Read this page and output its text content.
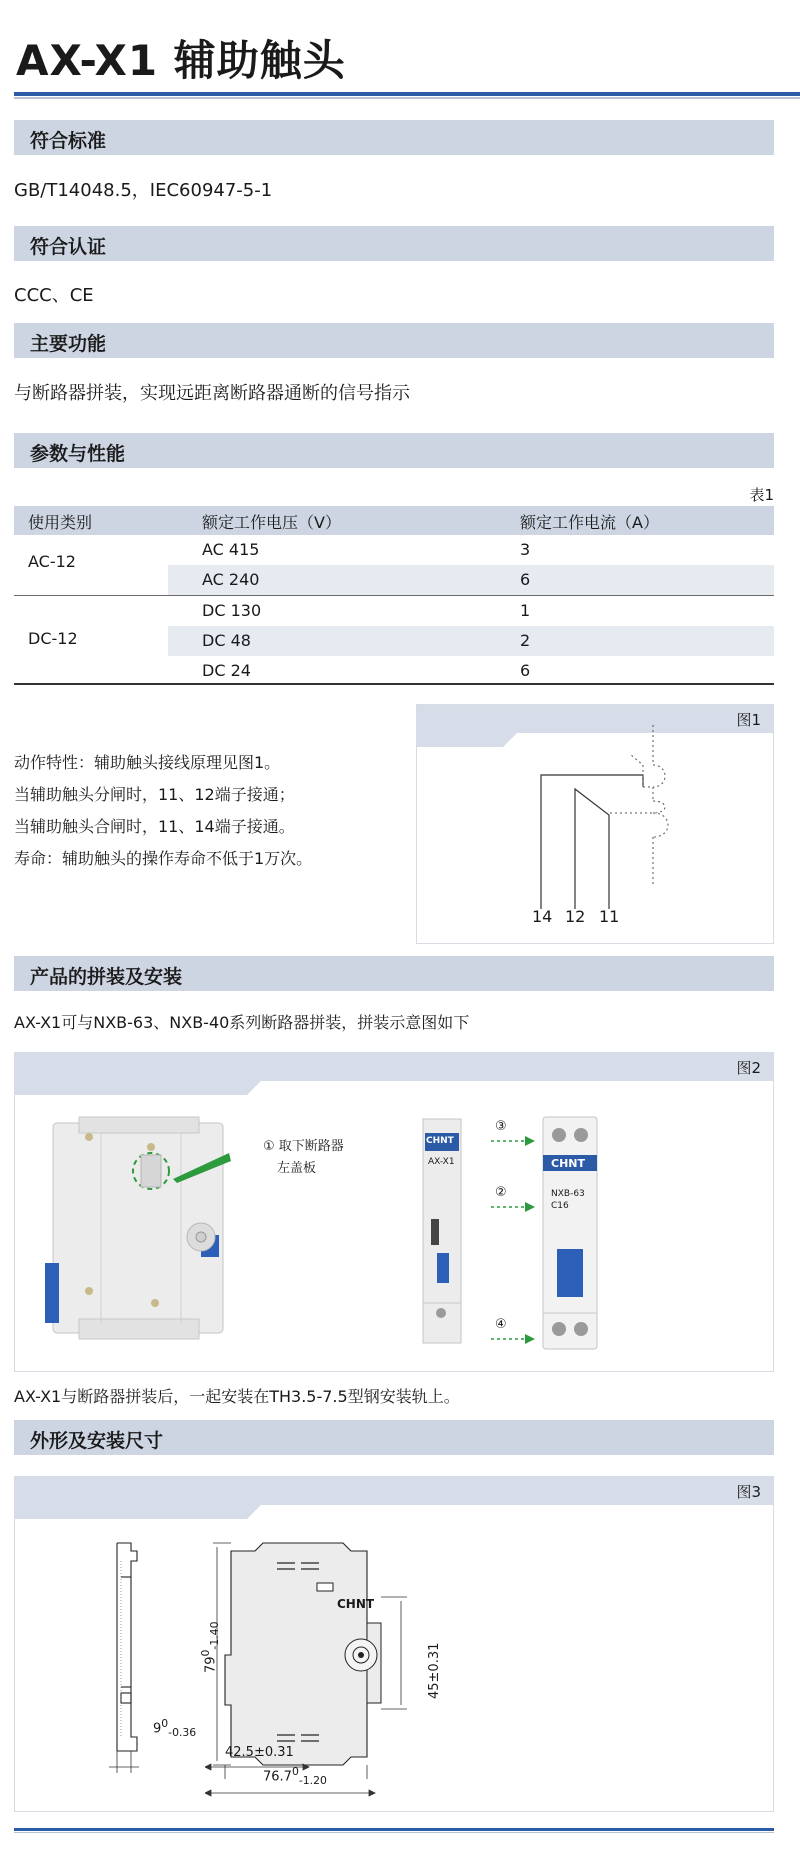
AX-X1 辅助触头
符合标准
GB/T14048.5，IEC60947-5-1
符合认证
CCC、CE
主要功能
与断路器拼装，实现远距离断路器通断的信号指示
参数与性能
表1
使用类别	额定工作电压（V）	额定工作电流（A）
AC-12
AC 415	3
AC 240	6
DC-12
DC 130	1
DC 48	2
DC 24	6
动作特性：辅助触头接线原理见图1。
当辅助触头分闸时，11、12端子接通；
当辅助触头合闸时，11、14端子接通。
寿命：辅助触头的操作寿命不低于1万次。
图1
14 12 11
产品的拼装及安装
AX-X1可与NXB-63、NXB-40系列断路器拼装，拼装示意图如下
图2
① 取下断路器
左盖板
CHNT
AX-X1
③
②
④
CHNT
NXB-63
C16
AX-X1与断路器拼装后，一起安装在TH3.5-7.5型钢安装轨上。
外形及安装尺寸
图3
$9^0_{-0.36}$
$79^0_{-1.40}$
45±0.31
42.5±0.31
$76.7^0_{-1.20}$
CHNT
